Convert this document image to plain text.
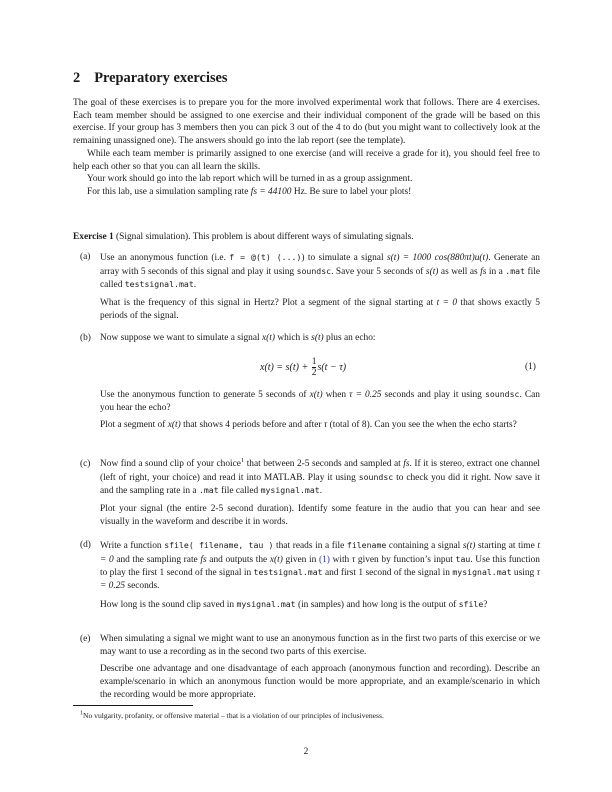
2 Preparatory exercises
The goal of these exercises is to prepare you for the more involved experimental work that follows. There are 4 exercises. Each team member should be assigned to one exercise and their individual component of the grade will be based on this exercise. If your group has 3 members then you can pick 3 out of the 4 to do (but you might want to collectively look at the remaining unassigned one). The answers should go into the lab report (see the template).
While each team member is primarily assigned to one exercise (and will receive a grade for it), you should feel free to help each other so that you can all learn the skills.
Your work should go into the lab report which will be turned in as a group assignment.
For this lab, use a simulation sampling rate fs = 44100 Hz. Be sure to label your plots!
Exercise 1 (Signal simulation). This problem is about different ways of simulating signals.
(a) Use an anonymous function (i.e. f = @(t) (...)) to simulate a signal s(t) = 1000 cos(880πt)u(t). Generate an array with 5 seconds of this signal and play it using soundsc. Save your 5 seconds of s(t) as well as fs in a .mat file called testsignal.mat.

What is the frequency of this signal in Hertz? Plot a segment of the signal starting at t = 0 that shows exactly 5 periods of the signal.

(b) Now suppose we want to simulate a signal x(t) which is s(t) plus an echo:

$x(t) = s(t) + \frac{1}{2} s(t - \tau)$	(1)

Use the anonymous function to generate 5 seconds of x(t) when τ = 0.25 seconds and play it using soundsc. Can you hear the echo?

Plot a segment of x(t) that shows 4 periods before and after τ (total of 8). Can you see the when the echo starts?

(c) Now find a sound clip of your choice$^1$ that between 2-5 seconds and sampled at fs. If it is stereo, extract one channel (left of right, your choice) and read it into MATLAB. Play it using soundsc to check you did it right. Now save it and the sampling rate in a .mat file called mysignal.mat.

Plot your signal (the entire 2-5 second duration). Identify some feature in the audio that you can hear and see visually in the waveform and describe it in words.

(d) Write a function sfile( filename, tau ) that reads in a file filename containing a signal s(t) starting at time t = 0 and the sampling rate fs and outputs the x(t) given in (1) with τ given by function’s input tau. Use this function to play the first 1 second of the signal in testsignal.mat and first 1 second of the signal in mysignal.mat using τ = 0.25 seconds.

How long is the sound clip saved in mysignal.mat (in samples) and how long is the output of sfile?

(e) When simulating a signal we might want to use an anonymous function as in the first two parts of this exercise or we may want to use a recording as in the second two parts of this exercise.

Describe one advantage and one disadvantage of each approach (anonymous function and recording). Describe an example/scenario in which an anonymous function would be more appropriate, and an example/scenario in which the recording would be more appropriate.

$^1$No vulgarity, profanity, or offensive material – that is a violation of our principles of inclusiveness.
2
